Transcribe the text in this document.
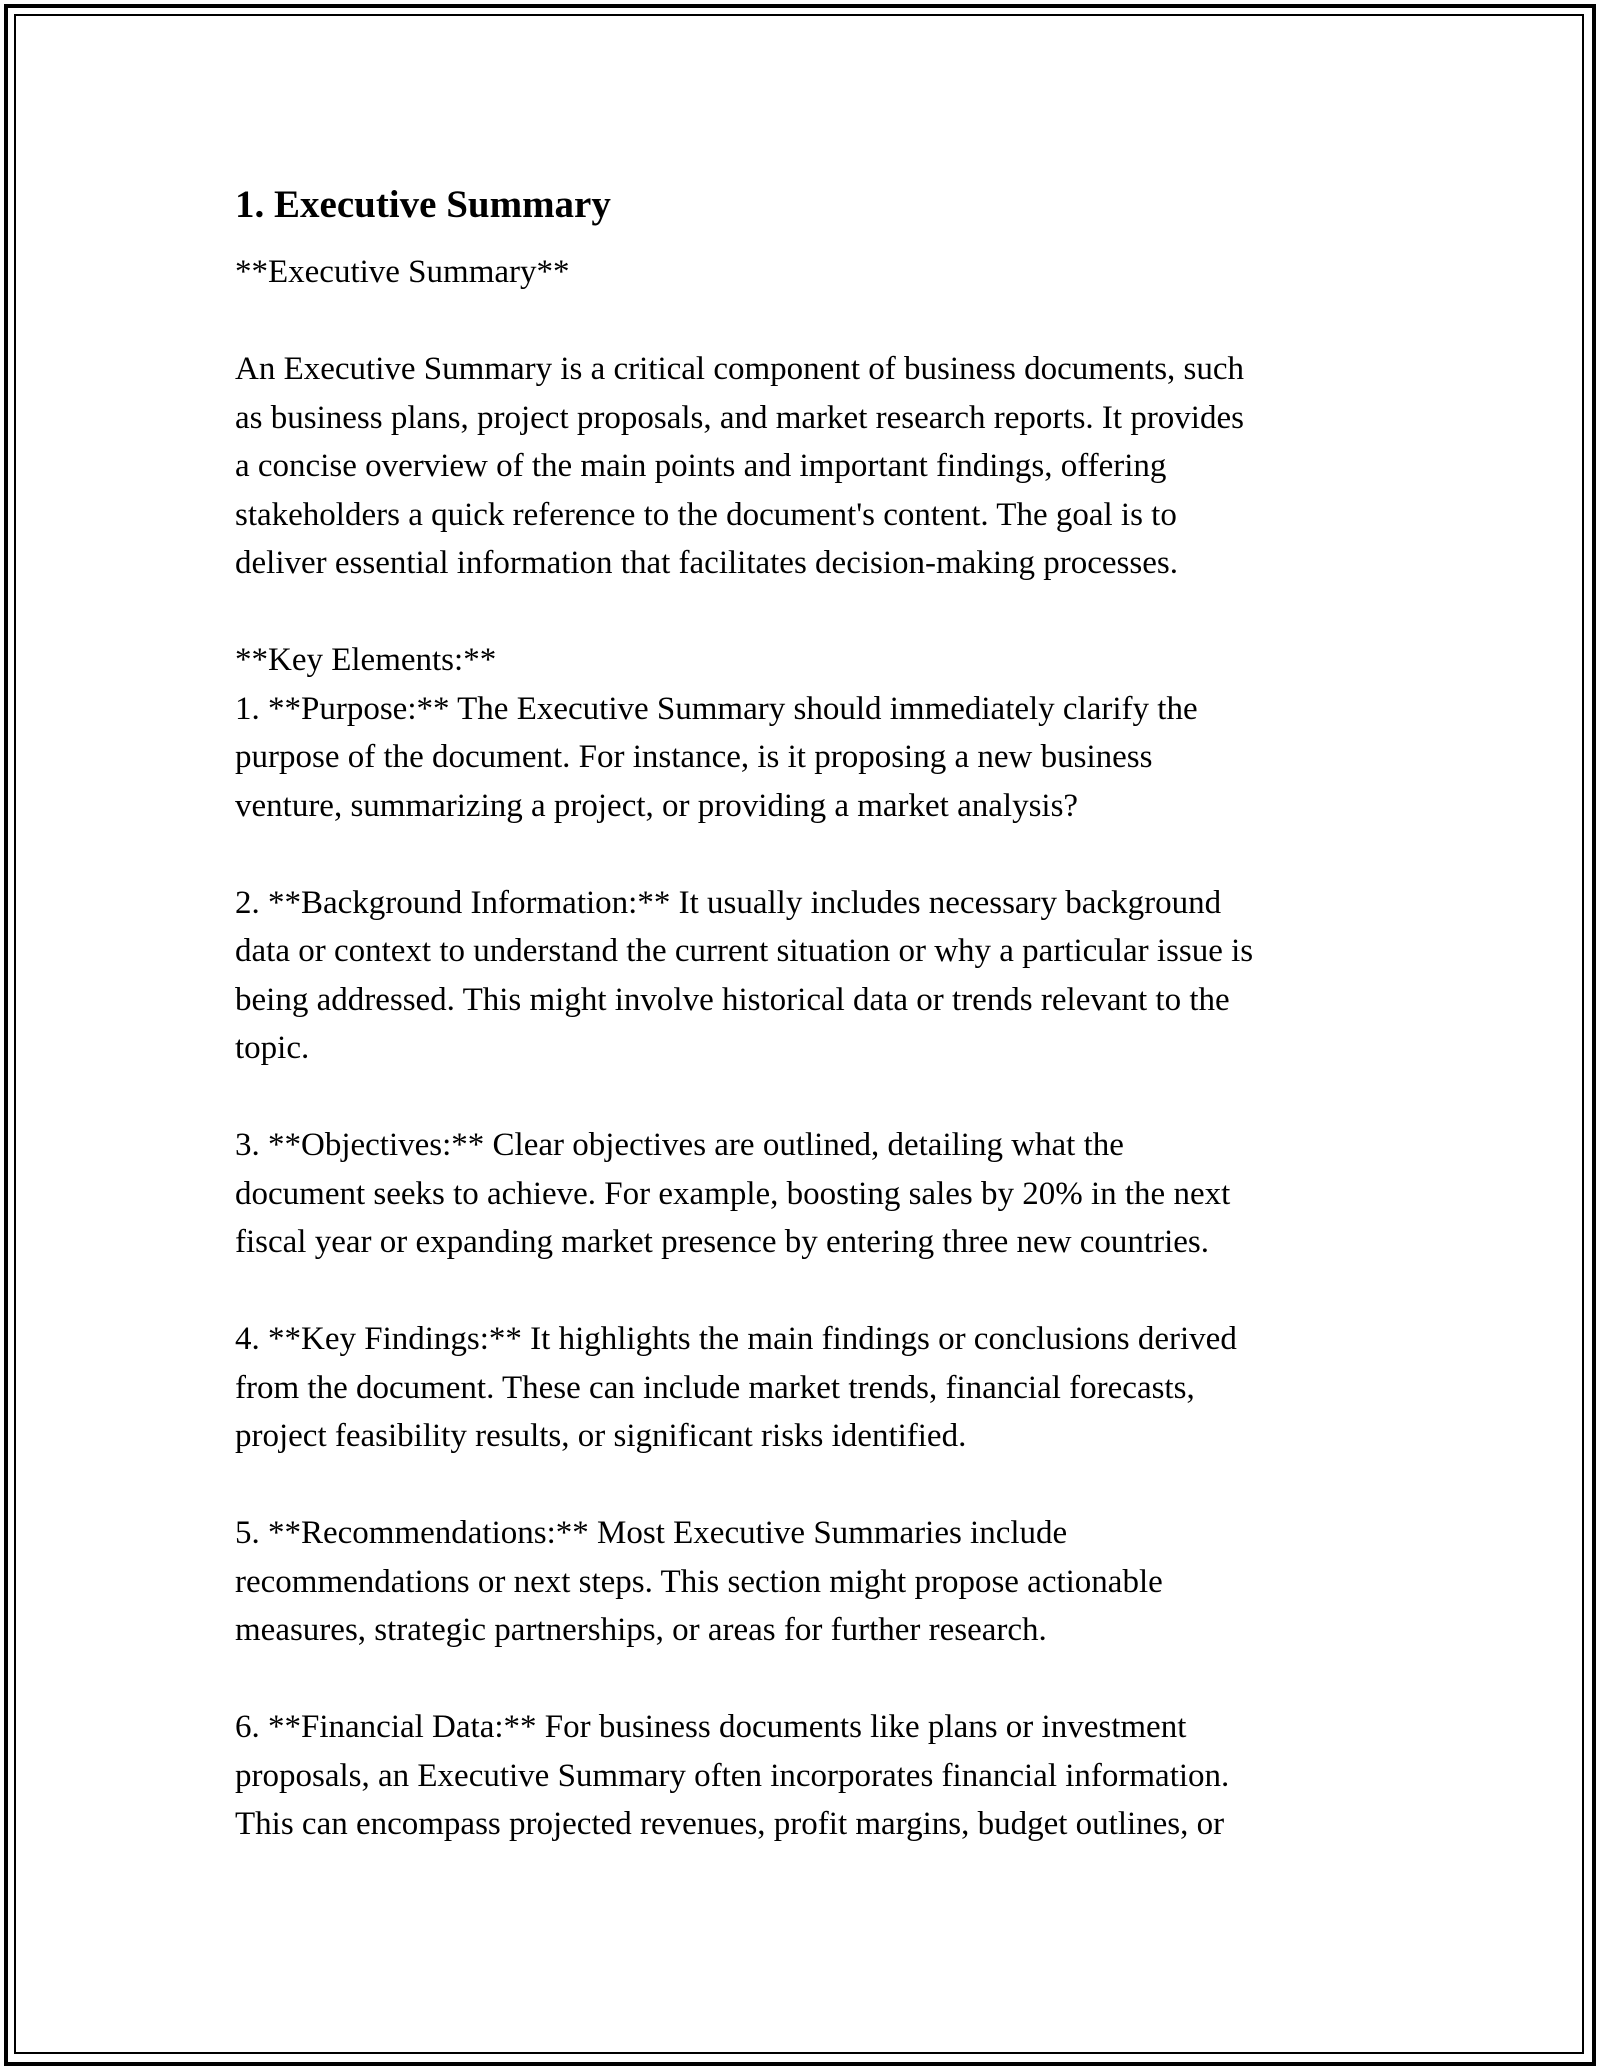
1. Executive Summary

**Executive Summary**

An Executive Summary is a critical component of business documents, such
as business plans, project proposals, and market research reports. It provides
a concise overview of the main points and important findings, offering
stakeholders a quick reference to the document's content. The goal is to
deliver essential information that facilitates decision-making processes.

**Key Elements:**

1. **Purpose:** The Executive Summary should immediately clarify the
purpose of the document. For instance, is it proposing a new business
venture, summarizing a project, or providing a market analysis?

2. **Background Information:** It usually includes necessary background
data or context to understand the current situation or why a particular issue is
being addressed. This might involve historical data or trends relevant to the
topic.

3. **Objectives:** Clear objectives are outlined, detailing what the
document seeks to achieve. For example, boosting sales by 20% in the next
fiscal year or expanding market presence by entering three new countries.

4. **Key Findings:** It highlights the main findings or conclusions derived
from the document. These can include market trends, financial forecasts,
project feasibility results, or significant risks identified.

5. **Recommendations:** Most Executive Summaries include
recommendations or next steps. This section might propose actionable
measures, strategic partnerships, or areas for further research.

6. **Financial Data:** For business documents like plans or investment
proposals, an Executive Summary often incorporates financial information.
This can encompass projected revenues, profit margins, budget outlines, or
